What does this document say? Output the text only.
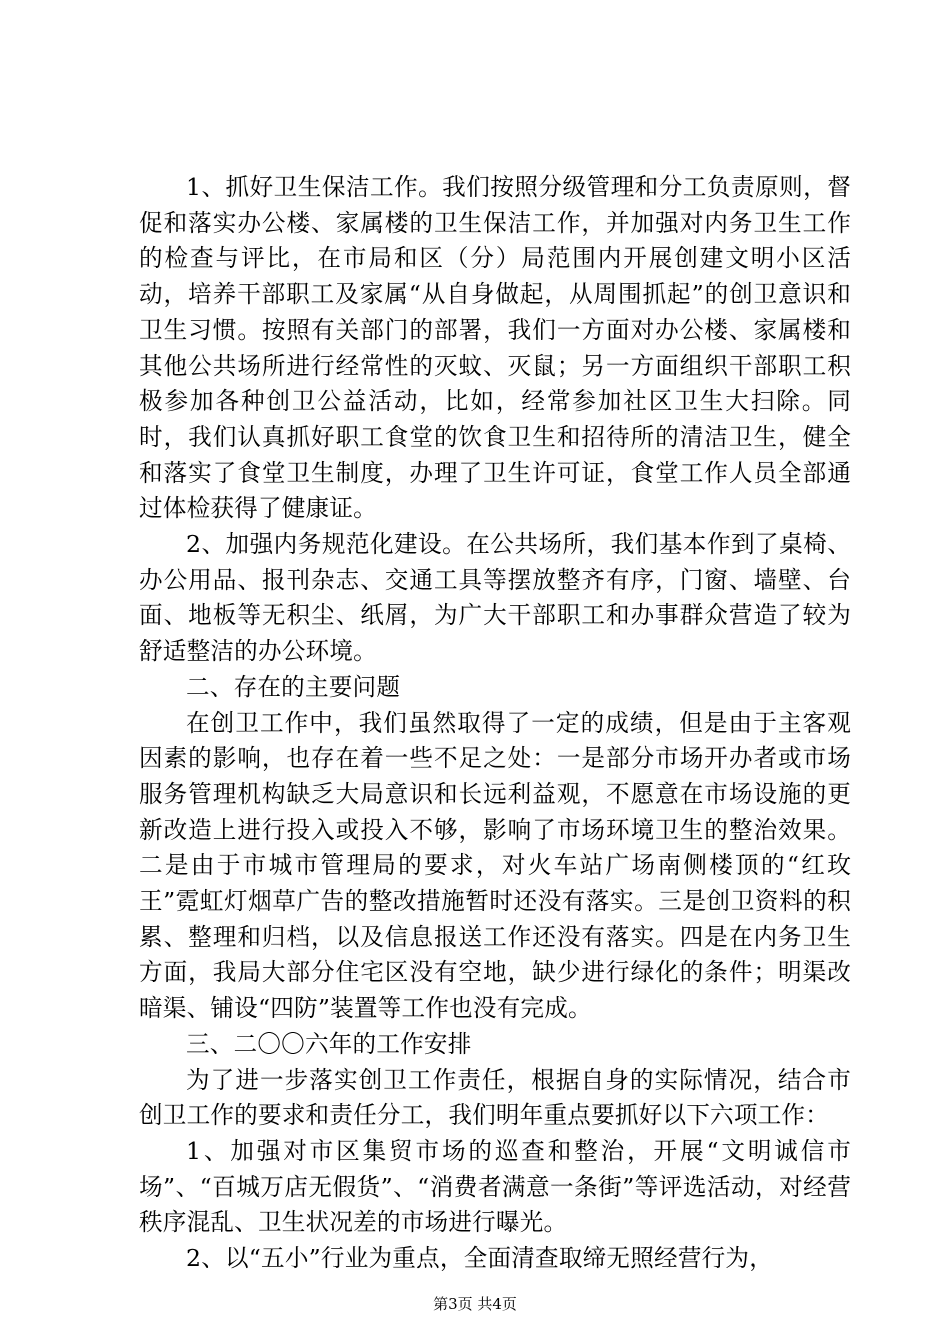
1、抓好卫生保洁工作。我们按照分级管理和分工负责原则，督促和落实办公楼、家属楼的卫生保洁工作，并加强对内务卫生工作的检查与评比，在市局和区（分）局范围内开展创建文明小区活动，培养干部职工及家属“从自身做起，从周围抓起”的创卫意识和卫生习惯。按照有关部门的部署，我们一方面对办公楼、家属楼和其他公共场所进行经常性的灭蚊、灭鼠；另一方面组织干部职工积极参加各种创卫公益活动，比如，经常参加社区卫生大扫除。同时，我们认真抓好职工食堂的饮食卫生和招待所的清洁卫生，健全和落实了食堂卫生制度，办理了卫生许可证，食堂工作人员全部通过体检获得了健康证。

2、加强内务规范化建设。在公共场所，我们基本作到了桌椅、办公用品、报刊杂志、交通工具等摆放整齐有序，门窗、墙壁、台面、地板等无积尘、纸屑，为广大干部职工和办事群众营造了较为舒适整洁的办公环境。

二、存在的主要问题

在创卫工作中，我们虽然取得了一定的成绩，但是由于主客观因素的影响，也存在着一些不足之处：一是部分市场开办者或市场服务管理机构缺乏大局意识和长远利益观，不愿意在市场设施的更新改造上进行投入或投入不够，影响了市场环境卫生的整治效果。二是由于市城市管理局的要求，对火车站广场南侧楼顶的“红玫王”霓虹灯烟草广告的整改措施暂时还没有落实。三是创卫资料的积累、整理和归档，以及信息报送工作还没有落实。四是在内务卫生方面，我局大部分住宅区没有空地，缺少进行绿化的条件；明渠改暗渠、铺设“四防”装置等工作也没有完成。

三、二〇〇六年的工作安排

为了进一步落实创卫工作责任，根据自身的实际情况，结合市创卫工作的要求和责任分工，我们明年重点要抓好以下六项工作：

1、加强对市区集贸市场的巡查和整治，开展“文明诚信市场”、“百城万店无假货”、“消费者满意一条街”等评选活动，对经营秩序混乱、卫生状况差的市场进行曝光。

2、以“五小”行业为重点，全面清查取缔无照经营行为，

第3页 共4页
